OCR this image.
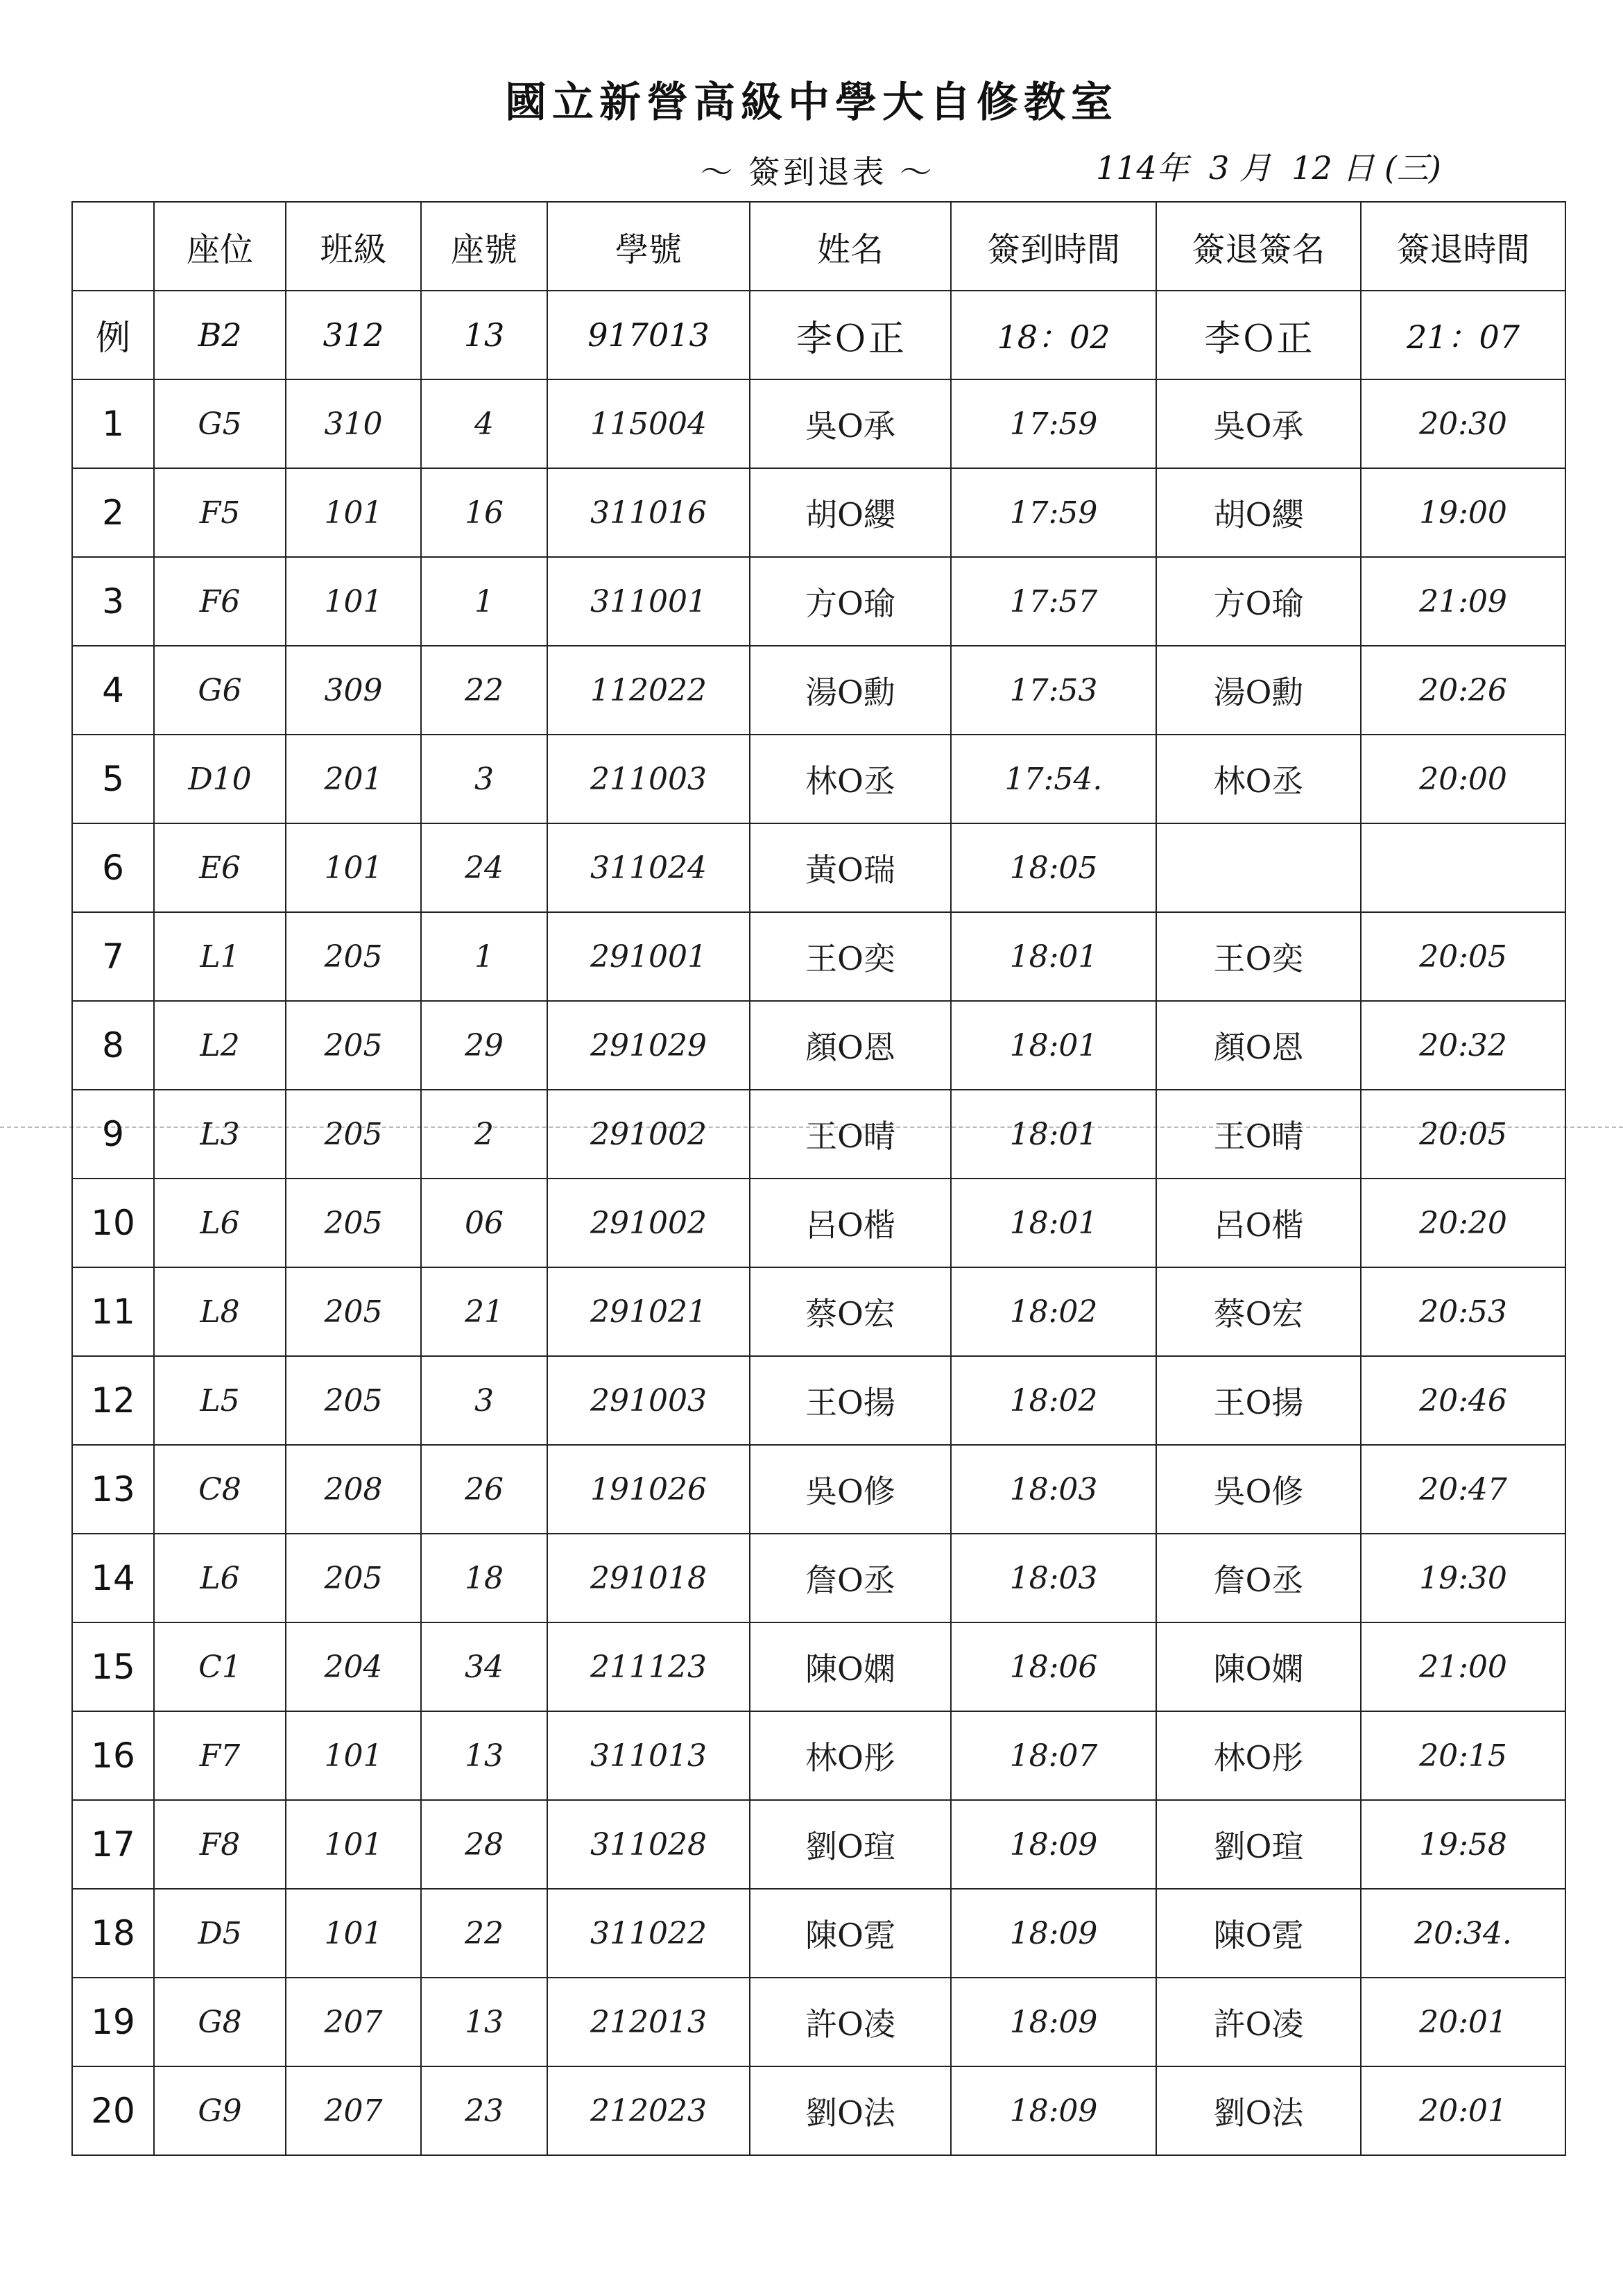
國立新營高級中學大自修教室
～ 簽到退表 ～	114年  3 月  12 日 (三)
	座位	班級	座號	學號	姓名	簽到時間	簽退簽名	簽退時間
例	B2	312	13	917013	李Ｏ正	18：02	李Ｏ正	21：07
1	G5	310	4	115004	吳O承	17:59	吳O承	20:30
2	F5	101	16	311016	胡O纓	17:59	胡O纓	19:00
3	F6	101	1	311001	方O瑜	17:57	方O瑜	21:09
4	G6	309	22	112022	湯O勳	17:53	湯O勳	20:26
5	D10	201	3	211003	林O丞	17:54.	林O丞	20:00
6	E6	101	24	311024	黃O瑞	18:05		
7	L1	205	1	291001	王O奕	18:01	王O奕	20:05
8	L2	205	29	291029	顏O恩	18:01	顏O恩	20:32
9	L3	205	2	291002	王O晴	18:01	王O晴	20:05
10	L6	205	06	291002	呂O楷	18:01	呂O楷	20:20
11	L8	205	21	291021	蔡O宏	18:02	蔡O宏	20:53
12	L5	205	3	291003	王O揚	18:02	王O揚	20:46
13	C8	208	26	191026	吳O修	18:03	吳O修	20:47
14	L6	205	18	291018	詹O丞	18:03	詹O丞	19:30
15	C1	204	34	211123	陳O嫻	18:06	陳O嫻	21:00
16	F7	101	13	311013	林O彤	18:07	林O彤	20:15
17	F8	101	28	311028	劉O瑄	18:09	劉O瑄	19:58
18	D5	101	22	311022	陳O霓	18:09	陳O霓	20:34.
19	G8	207	13	212013	許O凌	18:09	許O凌	20:01
20	G9	207	23	212023	劉O法	18:09	劉O法	20:01
